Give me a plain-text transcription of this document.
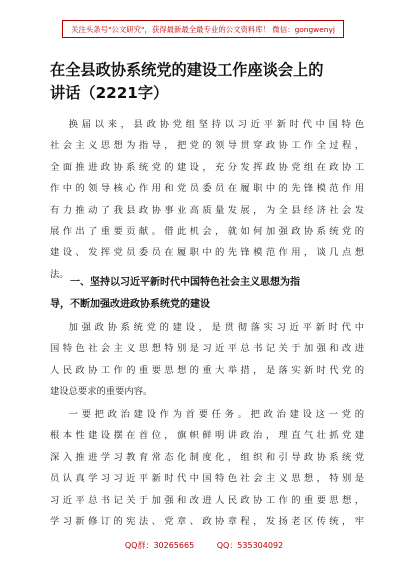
关注头条号"公文研究"，获得最新最全最专业的公文资料库！ 微信：gongwenyj
在全县政协系统党的建设工作座谈会上的
讲话（2221字）
换届以来，县政协党组坚持以习近平新时代中国特色
社会主义思想为指导，把党的领导贯穿政协工作全过程，
全面推进政协系统党的建设，充分发挥政协党组在政协工
作中的领导核心作用和党员委员在履职中的先锋模范作用
有力推动了我县政协事业高质量发展，为全县经济社会发
展作出了重要贡献。借此机会，就如何加强政协系统党的
建设、发挥党员委员在履职中的先锋模范作用，谈几点想
法。
一、坚持以习近平新时代中国特色社会主义思想为指
导，不断加强改进政协系统党的建设
加强政协系统党的建设，是贯彻落实习近平新时代中
国特色社会主义思想特别是习近平总书记关于加强和改进
人民政协工作的重要思想的重大举措，是落实新时代党的
建设总要求的重要内容。
一要把政治建设作为首要任务。把政治建设这一党的
根本性建设摆在首位，旗帜鲜明讲政治，理直气壮抓党建
深入推进学习教育常态化制度化，组织和引导政协系统党
员认真学习习近平新时代中国特色社会主义思想，特别是
习近平总书记关于加强和改进人民政协工作的重要思想，
学习新修订的宪法、党章、政协章程，发扬老区传统，牢
QQ群：30265665	QQ：535304092
